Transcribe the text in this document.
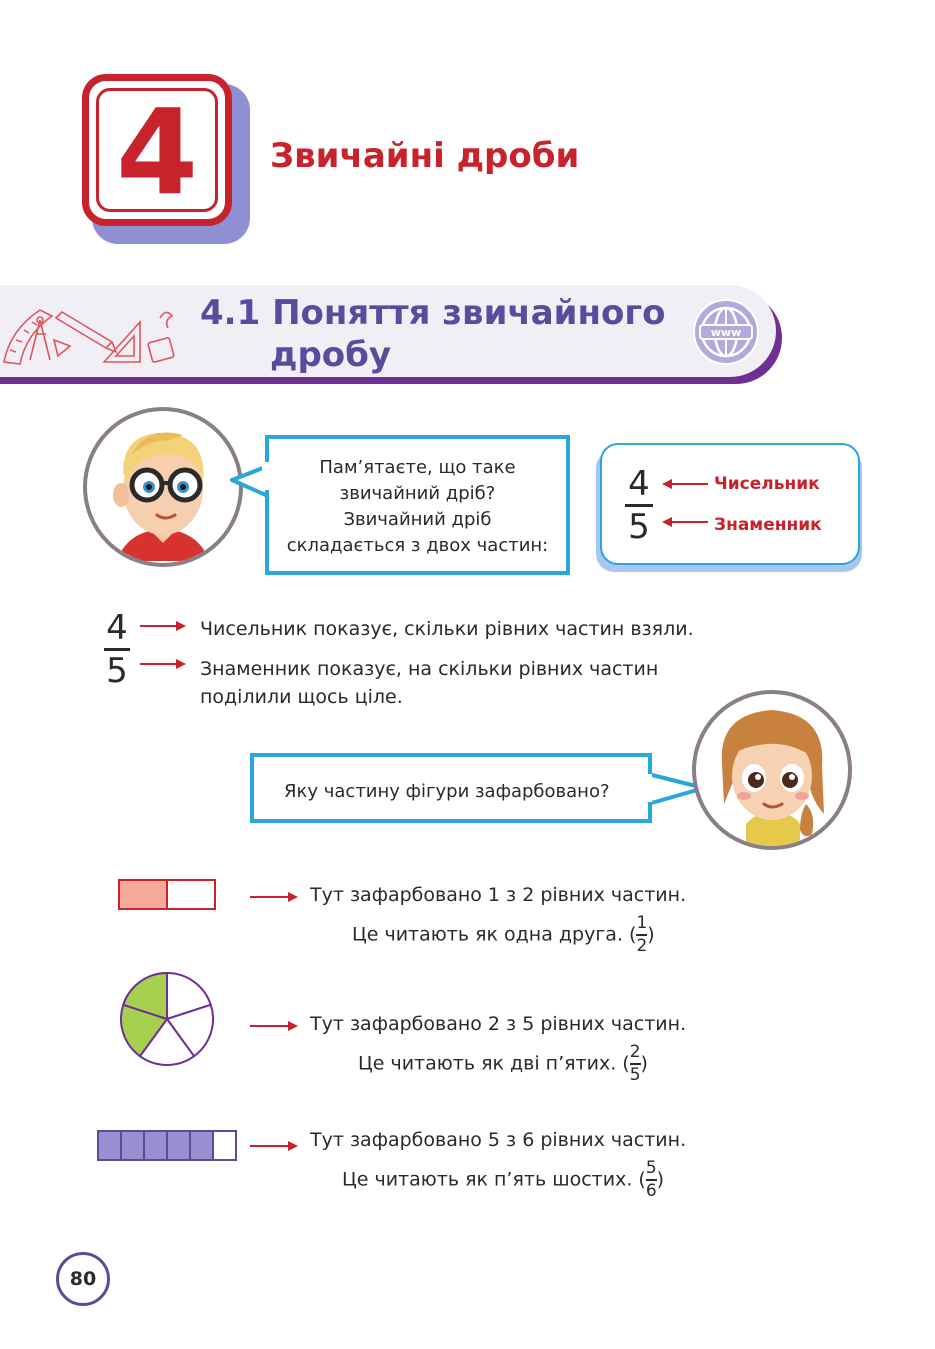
4	Звичайні дроби
4.1 Поняття звичайного
дробу
www
Пам’ятаєте, що таке
звичайний дріб?
Звичайний дріб
складається з двох частин:
4
5
Чисельник
Знаменник
4
5
Чисельник показує, скільки рівних частин взяли.
Знаменник показує, на скільки рівних частин поділили щось ціле.
Яку частину фігури зафарбовано?
Тут зафарбовано 1 з 2 рівних частин.
Це читають як одна друга. $(\frac{1}{2})$
Тут зафарбовано 2 з 5 рівних частин.
Це читають як дві п’ятих. $(\frac{2}{5})$
Тут зафарбовано 5 з 6 рівних частин.
Це читають як п’ять шостих. $(\frac{5}{6})$
80
